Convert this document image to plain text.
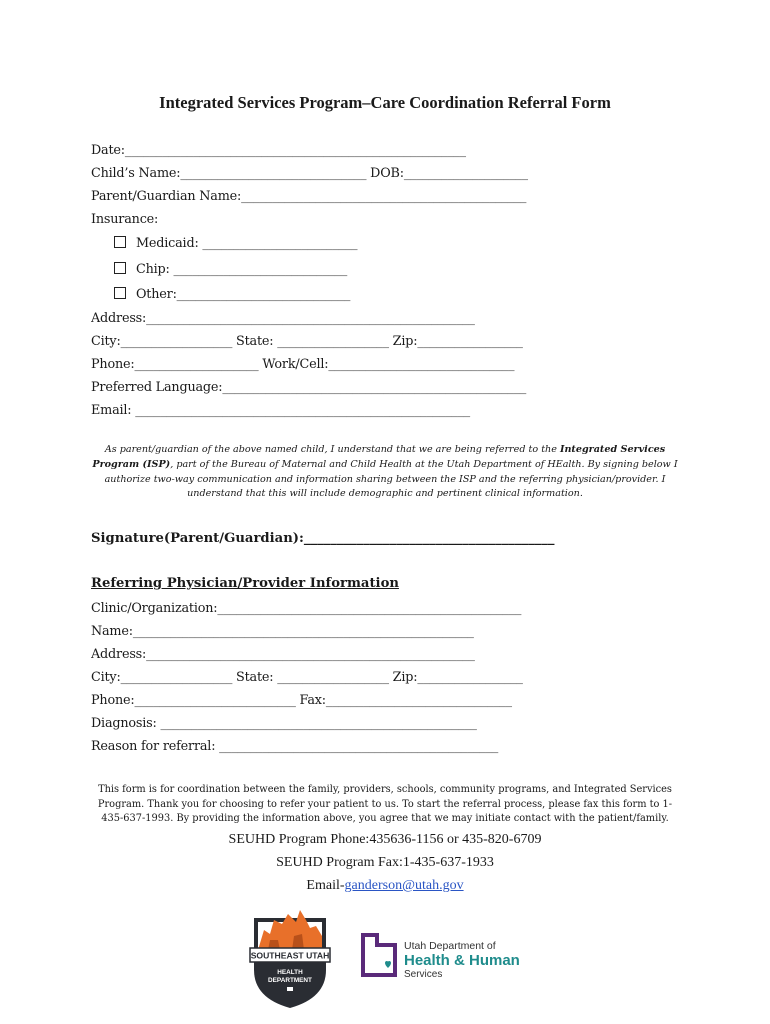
Integrated Services Program–Care Coordination Referral Form
Date:_______________________________________________________
Child’s Name:______________________________ DOB:____________________
Parent/Guardian Name:______________________________________________
Insurance:
Medicaid: _________________________
Chip: ____________________________
Other:____________________________
Address:_____________________________________________________
City:__________________ State: __________________ Zip:_________________
Phone:____________________ Work/Cell:______________________________
Preferred Language:_________________________________________________
Email: ______________________________________________________
As parent/guardian of the above named child, I understand that we are being referred to the Integrated Services Program (ISP), part of the Bureau of Maternal and Child Health at the Utah Department of HEalth. By signing below I authorize two-way communication and information sharing between the ISP and the referring physician/provider. I understand that this will include demographic and pertinent clinical information.
Signature(Parent/Guardian):______________________________________
Referring Physician/Provider Information
Clinic/Organization:_________________________________________________
Name:_______________________________________________________
Address:_____________________________________________________
City:__________________ State: __________________ Zip:_________________
Phone:__________________________ Fax:______________________________
Diagnosis: ___________________________________________________
Reason for referral: _____________________________________________
This form is for coordination between the family, providers, schools, community programs, and Integrated Services Program. Thank you for choosing to refer your patient to us. To start the referral process, please fax this form to 1-435-637-1993. By providing the information above, you agree that we may initiate contact with the patient/family.
SEUHD Program Phone:435636-1156 or 435-820-6709
SEUHD Program Fax:1-435-637-1933
Email-ganderson@utah.gov
SOUTHEAST UTAH
HEALTH
DEPARTMENT
Utah Department of
Health & Human
Services
